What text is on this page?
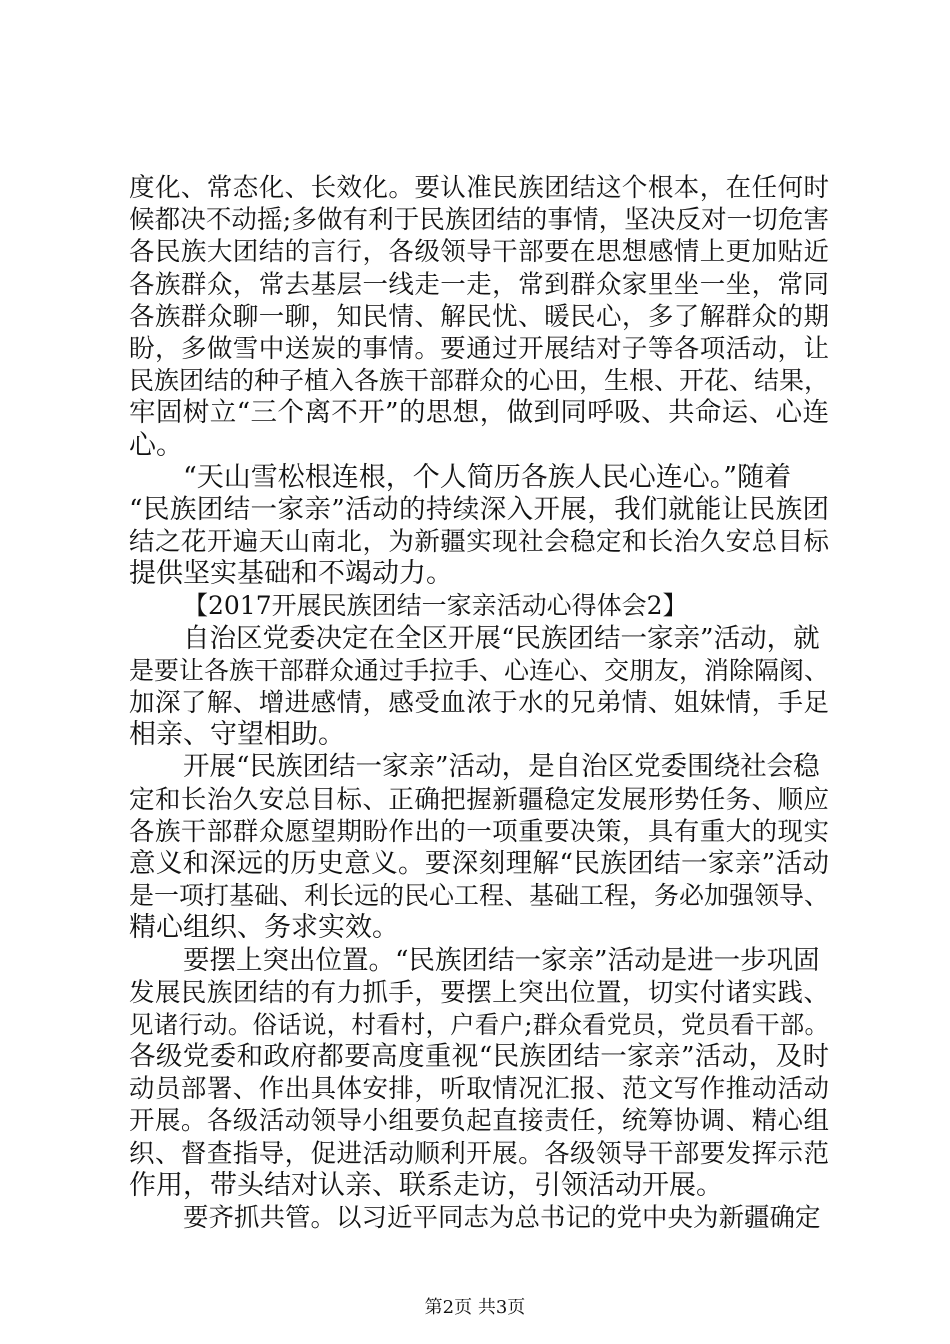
度化、常态化、长效化。要认准民族团结这个根本，在任何时
候都决不动摇;多做有利于民族团结的事情，坚决反对一切危害
各民族大团结的言行，各级领导干部要在思想感情上更加贴近
各族群众，常去基层一线走一走，常到群众家里坐一坐，常同
各族群众聊一聊，知民情、解民忧、暖民心，多了解群众的期
盼，多做雪中送炭的事情。要通过开展结对子等各项活动，让
民族团结的种子植入各族干部群众的心田，生根、开花、结果，
牢固树立“三个离不开”的思想，做到同呼吸、共命运、心连
心。
“天山雪松根连根，个人简历各族人民心连心。”随着
“民族团结一家亲”活动的持续深入开展，我们就能让民族团
结之花开遍天山南北，为新疆实现社会稳定和长治久安总目标
提供坚实基础和不竭动力。
【2017开展民族团结一家亲活动心得体会2】
自治区党委决定在全区开展“民族团结一家亲”活动，就
是要让各族干部群众通过手拉手、心连心、交朋友，消除隔阂、
加深了解、增进感情，感受血浓于水的兄弟情、姐妹情，手足
相亲、守望相助。
开展“民族团结一家亲”活动，是自治区党委围绕社会稳
定和长治久安总目标、正确把握新疆稳定发展形势任务、顺应
各族干部群众愿望期盼作出的一项重要决策，具有重大的现实
意义和深远的历史意义。要深刻理解“民族团结一家亲”活动
是一项打基础、利长远的民心工程、基础工程，务必加强领导、
精心组织、务求实效。
要摆上突出位置。“民族团结一家亲”活动是进一步巩固
发展民族团结的有力抓手，要摆上突出位置，切实付诸实践、
见诸行动。俗话说，村看村，户看户;群众看党员，党员看干部。
各级党委和政府都要高度重视“民族团结一家亲”活动，及时
动员部署、作出具体安排，听取情况汇报、范文写作推动活动
开展。各级活动领导小组要负起直接责任，统筹协调、精心组
织、督查指导，促进活动顺利开展。各级领导干部要发挥示范
作用，带头结对认亲、联系走访，引领活动开展。
要齐抓共管。以习近平同志为总书记的党中央为新疆确定
第2页 共3页
